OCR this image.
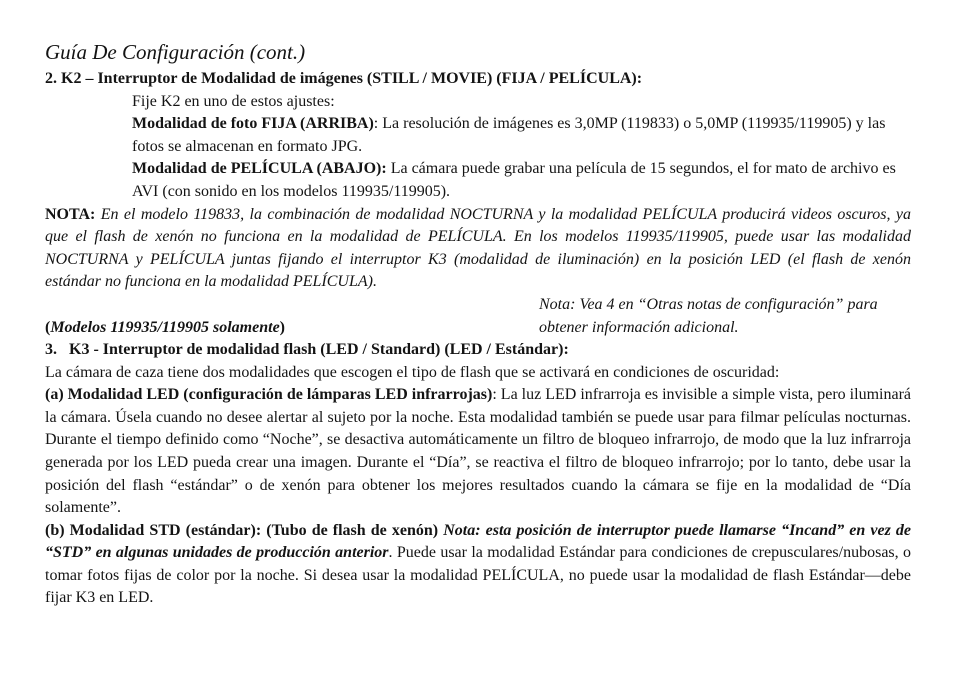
Guía De Configuración (cont.)

2. K2 – Interruptor de Modalidad de imágenes (STILL / MOVIE) (FIJA / PELÍCULA):

Fije K2 en uno de estos ajustes:

Modalidad de foto FIJA (ARRIBA): La resolución de imágenes es 3,0MP (119833) o 5,0MP (119935/119905) y las fotos se almacenan en formato JPG.

Modalidad de PELÍCULA (ABAJO): La cámara puede grabar una película de 15 segundos, el for mato de archivo es AVI (con sonido en los modelos 119935/119905).

NOTA: En el modelo 119833, la combinación de modalidad NOCTURNA y la modalidad PELÍCULA producirá videos oscuros, ya que el flash de xenón no funciona en la modalidad de PELÍCULA. En los modelos 119935/119905, puede usar las modalidad NOCTURNA y PELÍCULA juntas fijando el interruptor K3 (modalidad de iluminación) en la posición LED (el flash de xenón estándar no funciona en la modalidad PELÍCULA).

(Modelos 119935/119905 solamente)
Nota: Vea 4 en “Otras notas de configuración” para obtener información adicional.

3. K3 - Interruptor de modalidad flash (LED / Standard) (LED / Estándar):

La cámara de caza tiene dos modalidades que escogen el tipo de flash que se activará en condiciones de oscuridad:

(a) Modalidad LED (configuración de lámparas LED infrarrojas): La luz LED infrarroja es invisible a simple vista, pero iluminará la cámara. Úsela cuando no desee alertar al sujeto por la noche. Esta modalidad también se puede usar para filmar películas nocturnas. Durante el tiempo definido como “Noche”, se desactiva automáticamente un filtro de bloqueo infrarrojo, de modo que la luz infrarroja generada por los LED pueda crear una imagen. Durante el “Día”, se reactiva el filtro de bloqueo infrarrojo; por lo tanto, debe usar la posición del flash “estándar” o de xenón para obtener los mejores resultados cuando la cámara se fije en la modalidad de “Día solamente”.

(b) Modalidad STD (estándar): (Tubo de flash de xenón) Nota: esta posición de interruptor puede llamarse “Incand” en vez de “STD” en algunas unidades de producción anterior. Puede usar la modalidad Estándar para condiciones de crepusculares/nubosas, o tomar fotos fijas de color por la noche. Si desea usar la modalidad PELÍCULA, no puede usar la modalidad de flash Estándar—debe fijar K3 en LED.
